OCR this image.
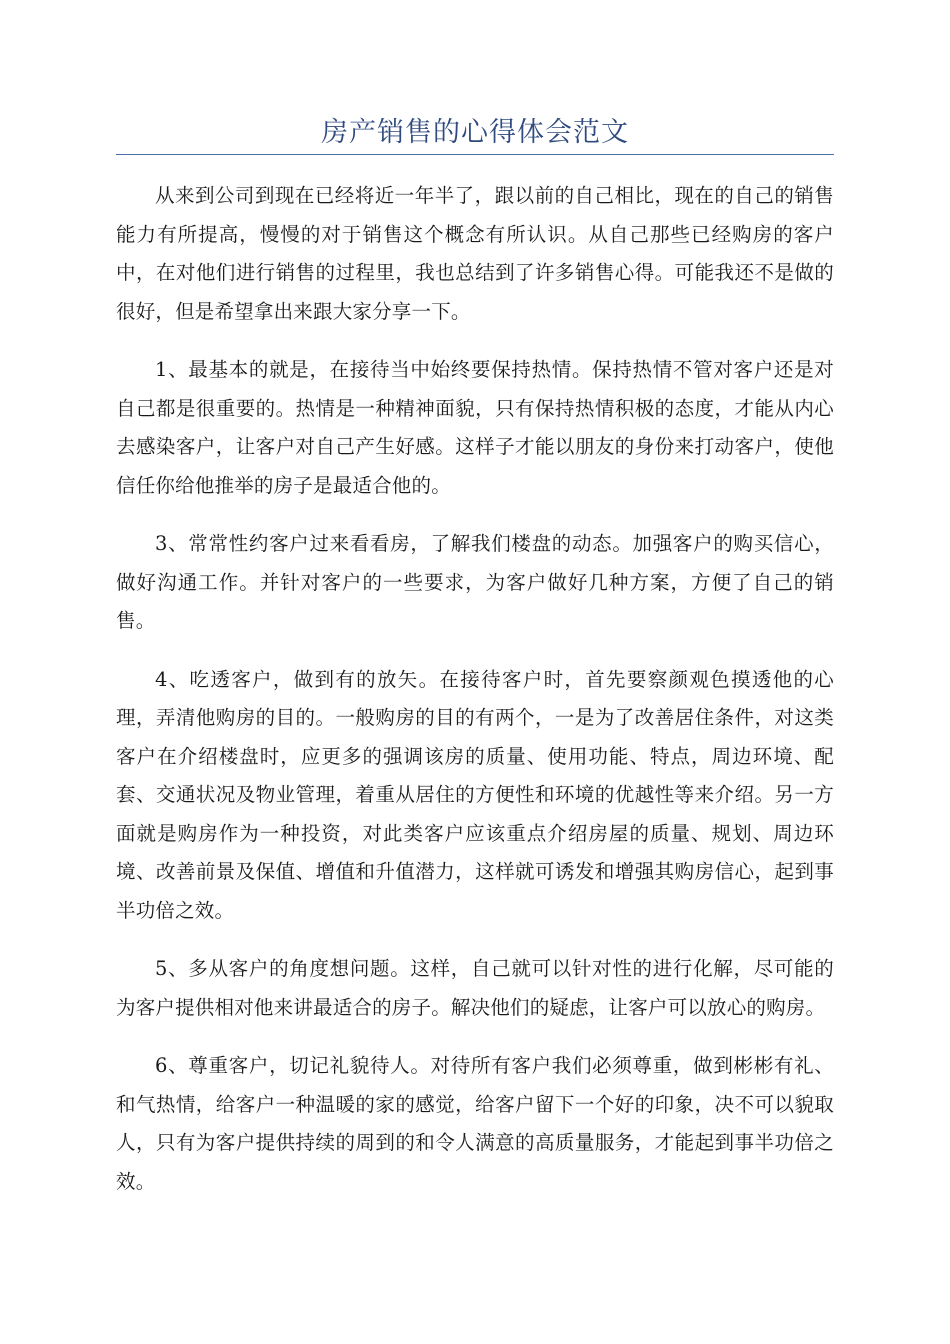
房产销售的心得体会范文

从来到公司到现在已经将近一年半了，跟以前的自己相比，现在的自己的销售能力有所提高，慢慢的对于销售这个概念有所认识。从自己那些已经购房的客户中，在对他们进行销售的过程里，我也总结到了许多销售心得。可能我还不是做的很好，但是希望拿出来跟大家分享一下。

1、最基本的就是，在接待当中始终要保持热情。保持热情不管对客户还是对自己都是很重要的。热情是一种精神面貌，只有保持热情积极的态度，才能从内心去感染客户，让客户对自己产生好感。这样子才能以朋友的身份来打动客户，使他信任你给他推举的房子是最适合他的。

3、常常性约客户过来看看房，了解我们楼盘的动态。加强客户的购买信心，做好沟通工作。并针对客户的一些要求，为客户做好几种方案，方便了自己的销售。

4、吃透客户，做到有的放矢。在接待客户时，首先要察颜观色摸透他的心理，弄清他购房的目的。一般购房的目的有两个，一是为了改善居住条件，对这类客户在介绍楼盘时，应更多的强调该房的质量、使用功能、特点，周边环境、配套、交通状况及物业管理，着重从居住的方便性和环境的优越性等来介绍。另一方面就是购房作为一种投资，对此类客户应该重点介绍房屋的质量、规划、周边环境、改善前景及保值、增值和升值潜力，这样就可诱发和增强其购房信心，起到事半功倍之效。

5、多从客户的角度想问题。这样，自己就可以针对性的进行化解，尽可能的为客户提供相对他来讲最适合的房子。解决他们的疑虑，让客户可以放心的购房。

6、尊重客户，切记礼貌待人。对待所有客户我们必须尊重，做到彬彬有礼、和气热情，给客户一种温暖的家的感觉，给客户留下一个好的印象，决不可以貌取人，只有为客户提供持续的周到的和令人满意的高质量服务，才能起到事半功倍之效。
